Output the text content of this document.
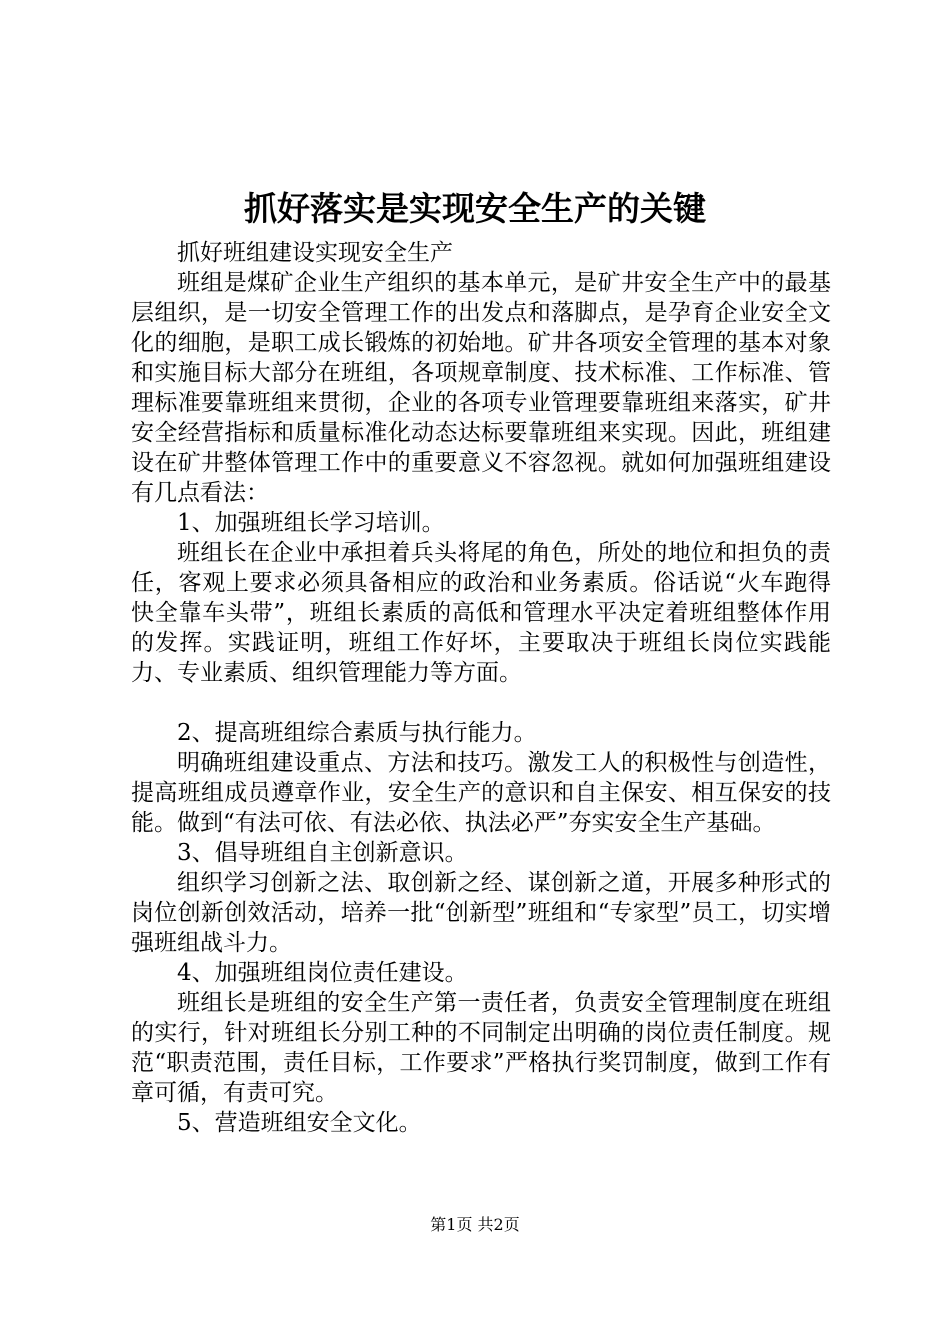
抓好落实是实现安全生产的关键

抓好班组建设实现安全生产

班组是煤矿企业生产组织的基本单元，是矿井安全生产中的最基层组织，是一切安全管理工作的出发点和落脚点，是孕育企业安全文化的细胞，是职工成长锻炼的初始地。矿井各项安全管理的基本对象和实施目标大部分在班组，各项规章制度、技术标准、工作标准、管理标准要靠班组来贯彻，企业的各项专业管理要靠班组来落实，矿井安全经营指标和质量标准化动态达标要靠班组来实现。因此，班组建设在矿井整体管理工作中的重要意义不容忽视。就如何加强班组建设有几点看法：

1、加强班组长学习培训。

班组长在企业中承担着兵头将尾的角色，所处的地位和担负的责任，客观上要求必须具备相应的政治和业务素质。俗话说“火车跑得快全靠车头带”，班组长素质的高低和管理水平决定着班组整体作用的发挥。实践证明，班组工作好坏，主要取决于班组长岗位实践能力、专业素质、组织管理能力等方面。

2、提高班组综合素质与执行能力。

明确班组建设重点、方法和技巧。激发工人的积极性与创造性，提高班组成员遵章作业，安全生产的意识和自主保安、相互保安的技能。做到“有法可依、有法必依、执法必严”夯实安全生产基础。

3、倡导班组自主创新意识。

组织学习创新之法、取创新之经、谋创新之道，开展多种形式的岗位创新创效活动，培养一批“创新型”班组和“专家型”员工，切实增强班组战斗力。

4、加强班组岗位责任建设。

班组长是班组的安全生产第一责任者，负责安全管理制度在班组的实行，针对班组长分别工种的不同制定出明确的岗位责任制度。规范“职责范围，责任目标，工作要求”严格执行奖罚制度，做到工作有章可循，有责可究。

5、营造班组安全文化。

第1页 共2页
